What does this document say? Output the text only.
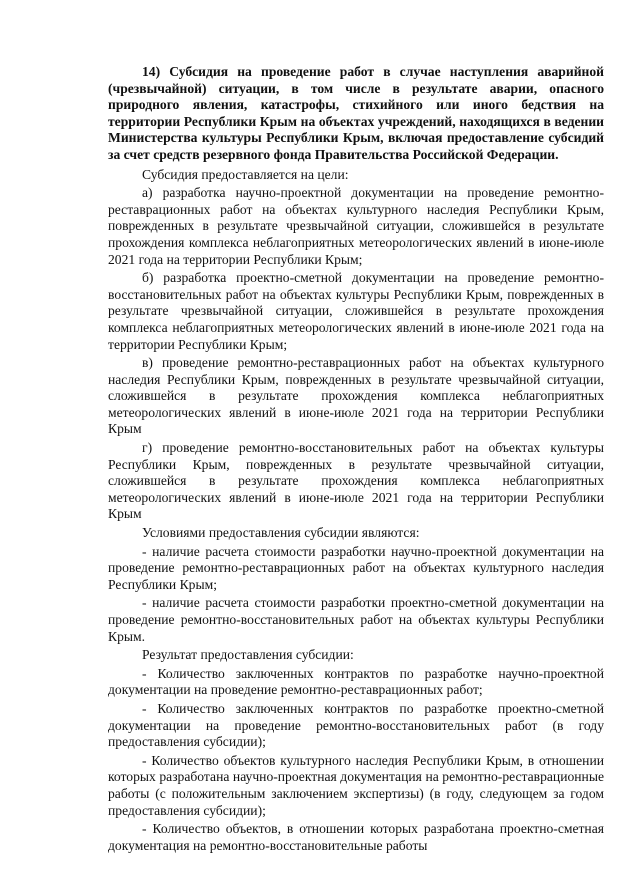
14) Субсидия на проведение работ в случае наступления аварийной (чрезвычайной) ситуации, в том числе в результате аварии, опасного природного явления, катастрофы, стихийного или иного бедствия на территории Республики Крым на объектах учреждений, находящихся в ведении Министерства культуры Республики Крым, включая предоставление субсидий за счет средств резервного фонда Правительства Российской Федерации.

Субсидия предоставляется на цели:

а) разработка научно-проектной документации на проведение ремонтно-реставрационных работ на объектах культурного наследия Республики Крым, поврежденных в результате чрезвычайной ситуации, сложившейся в результате прохождения комплекса неблагоприятных метеорологических явлений в июне-июле 2021 года на территории Республики Крым;

б) разработка проектно-сметной документации на проведение ремонтно-восстановительных работ на объектах культуры Республики Крым, поврежденных в результате чрезвычайной ситуации, сложившейся в результате прохождения комплекса неблагоприятных метеорологических явлений в июне-июле 2021 года на территории Республики Крым;

в) проведение ремонтно-реставрационных работ на объектах культурного наследия Республики Крым, поврежденных в результате чрезвычайной ситуации, сложившейся в результате прохождения комплекса неблагоприятных метеорологических явлений в июне-июле 2021 года на территории Республики Крым

г) проведение ремонтно-восстановительных работ на объектах культуры Республики Крым, поврежденных в результате чрезвычайной ситуации, сложившейся в результате прохождения комплекса неблагоприятных метеорологических явлений в июне-июле 2021 года на территории Республики Крым

Условиями предоставления субсидии являются:

- наличие расчета стоимости разработки научно-проектной документации на проведение ремонтно-реставрационных работ на объектах культурного наследия Республики Крым;

- наличие расчета стоимости разработки проектно-сметной документации на проведение ремонтно-восстановительных работ на объектах культуры Республики Крым.

Результат предоставления субсидии:

- Количество заключенных контрактов по разработке научно-проектной документации на проведение ремонтно-реставрационных работ;

- Количество заключенных контрактов по разработке проектно-сметной документации на проведение ремонтно-восстановительных работ (в году предоставления субсидии);

- Количество объектов культурного наследия Республики Крым, в отношении которых разработана научно-проектная документация на ремонтно-реставрационные работы (с положительным заключением экспертизы) (в году, следующем за годом предоставления субсидии);

- Количество объектов, в отношении которых разработана проектно-сметная документация на ремонтно-восстановительные работы
